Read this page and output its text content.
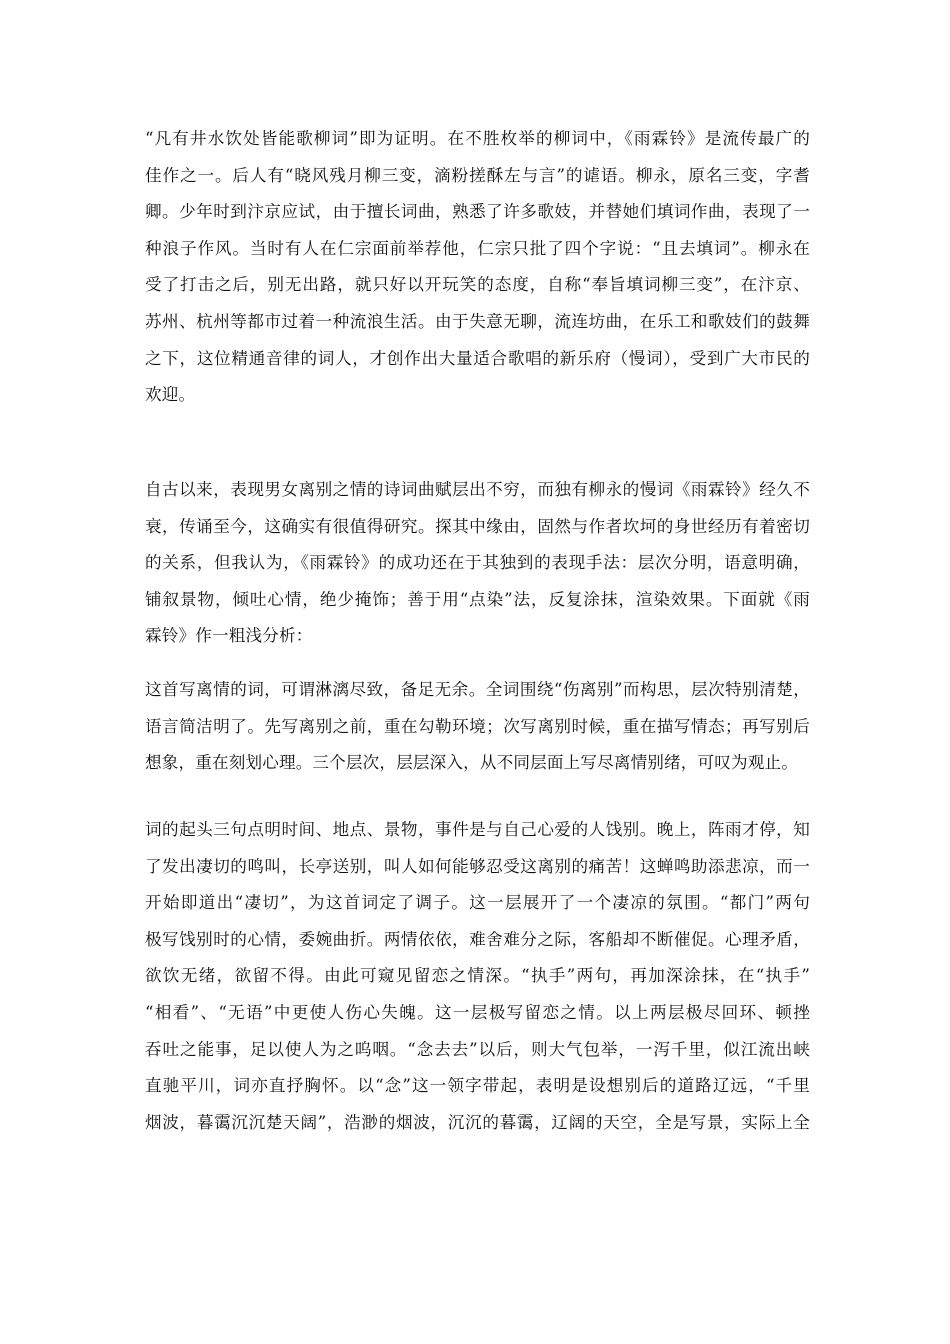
“凡有井水饮处皆能歌柳词”即为证明。在不胜枚举的柳词中，《雨霖铃》是流传最广的
佳作之一。后人有“晓风残月柳三变，滴粉搓酥左与言”的谑语。柳永，原名三变，字耆
卿。少年时到汴京应试，由于擅长词曲，熟悉了许多歌妓，并替她们填词作曲，表现了一
种浪子作风。当时有人在仁宗面前举荐他，仁宗只批了四个字说：“且去填词”。柳永在
受了打击之后，别无出路，就只好以开玩笑的态度，自称“奉旨填词柳三变”，在汴京、
苏州、杭州等都市过着一种流浪生活。由于失意无聊，流连坊曲，在乐工和歌妓们的鼓舞
之下，这位精通音律的词人，才创作出大量适合歌唱的新乐府（慢词），受到广大市民的
欢迎。

自古以来，表现男女离别之情的诗词曲赋层出不穷，而独有柳永的慢词《雨霖铃》经久不
衰，传诵至今，这确实有很值得研究。探其中缘由，固然与作者坎坷的身世经历有着密切
的关系，但我认为，《雨霖铃》的成功还在于其独到的表现手法：层次分明，语意明确，
铺叙景物，倾吐心情，绝少掩饰；善于用“点染”法，反复涂抹，渲染效果。下面就《雨
霖铃》作一粗浅分析：

这首写离情的词，可谓淋漓尽致，备足无余。全词围绕“伤离别”而构思，层次特别清楚，
语言简洁明了。先写离别之前，重在勾勒环境；次写离别时候，重在描写情态；再写别后
想象，重在刻划心理。三个层次，层层深入，从不同层面上写尽离情别绪，可叹为观止。

词的起头三句点明时间、地点、景物，事件是与自己心爱的人饯别。晚上，阵雨才停，知
了发出凄切的鸣叫，长亭送别，叫人如何能够忍受这离别的痛苦！这蝉鸣助添悲凉，而一
开始即道出“凄切”，为这首词定了调子。这一层展开了一个凄凉的氛围。“都门”两句
极写饯别时的心情，委婉曲折。两情依依，难舍难分之际，客船却不断催促。心理矛盾，
欲饮无绪，欲留不得。由此可窥见留恋之情深。“执手”两句，再加深涂抹，在“执手”
“相看”、“无语”中更使人伤心失魄。这一层极写留恋之情。以上两层极尽回环、顿挫
吞吐之能事，足以使人为之呜咽。“念去去”以后，则大气包举，一泻千里，似江流出峡
直驰平川，词亦直抒胸怀。以“念”这一领字带起，表明是设想别后的道路辽远，“千里
烟波，暮霭沉沉楚天阔”，浩渺的烟波，沉沉的暮霭，辽阔的天空，全是写景，实际上全
